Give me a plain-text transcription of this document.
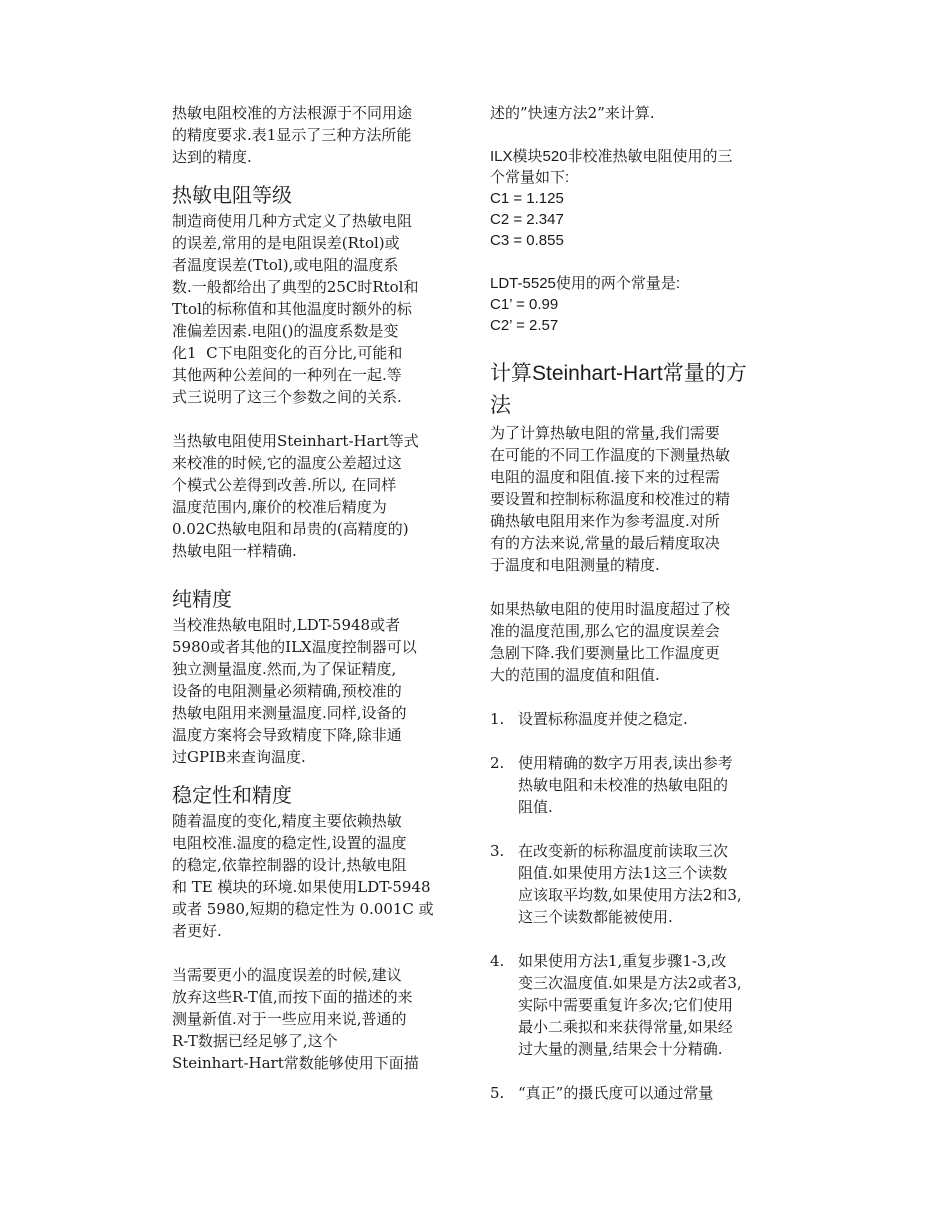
热敏电阻校准的方法根源于不同用途
的精度要求.表1显示了三种方法所能
达到的精度.

热敏电阻等级

制造商使用几种方式定义了热敏电阻
的误差,常用的是电阻误差(Rtol)或
者温度误差(Ttol),或电阻的温度系
数.一般都给出了典型的25C时Rtol和
Ttol的标称值和其他温度时额外的标
准偏差因素.电阻()的温度系数是变
化1  C下电阻变化的百分比,可能和
其他两种公差间的一种列在一起.等
式三说明了这三个参数之间的关系.

当热敏电阻使用Steinhart-Hart等式
来校准的时候,它的温度公差超过这
个模式公差得到改善.所以, 在同样
温度范围内,廉价的校准后精度为
0.02C热敏电阻和昂贵的(高精度的)
热敏电阻一样精确.

纯精度

当校准热敏电阻时,LDT-5948或者
5980或者其他的ILX温度控制器可以
独立测量温度.然而,为了保证精度,
设备的电阻测量必须精确,预校准的
热敏电阻用来测量温度.同样,设备的
温度方案将会导致精度下降,除非通
过GPIB来查询温度.

稳定性和精度

随着温度的变化,精度主要依赖热敏
电阻校准.温度的稳定性,设置的温度
的稳定,依靠控制器的设计,热敏电阻
和 TE 模块的环境.如果使用LDT-5948
或者 5980,短期的稳定性为 0.001C 或
者更好.

当需要更小的温度误差的时候,建议
放弃这些R-T值,而按下面的描述的来
测量新值.对于一些应用来说,普通的
R-T数据已经足够了,这个
Steinhart-Hart常数能够使用下面描

述的”快速方法2”来计算.

ILX模块520非校准热敏电阻使用的三
个常量如下:
C1 = 1.125
C2 = 2.347
C3 = 0.855

LDT-5525使用的两个常量是:
C1’ = 0.99
C2’ = 2.57

计算Steinhart-Hart常量的方
法

为了计算热敏电阻的常量,我们需要
在可能的不同工作温度的下测量热敏
电阻的温度和阻值.接下来的过程需
要设置和控制标称温度和校准过的精
确热敏电阻用来作为参考温度.对所
有的方法来说,常量的最后精度取决
于温度和电阻测量的精度.

如果热敏电阻的使用时温度超过了校
准的温度范围,那么它的温度误差会
急剧下降.我们要测量比工作温度更
大的范围的温度值和阻值.

1. 设置标称温度并使之稳定.

2. 使用精确的数字万用表,读出参考
热敏电阻和未校准的热敏电阻的
阻值.

3. 在改变新的标称温度前读取三次
阻值.如果使用方法1这三个读数
应该取平均数,如果使用方法2和3,
这三个读数都能被使用.

4. 如果使用方法1,重复步骤1-3,改
变三次温度值.如果是方法2或者3,
实际中需要重复许多次;它们使用
最小二乘拟和来获得常量,如果经
过大量的测量,结果会十分精确.

5. “真正”的摄氏度可以通过常量
